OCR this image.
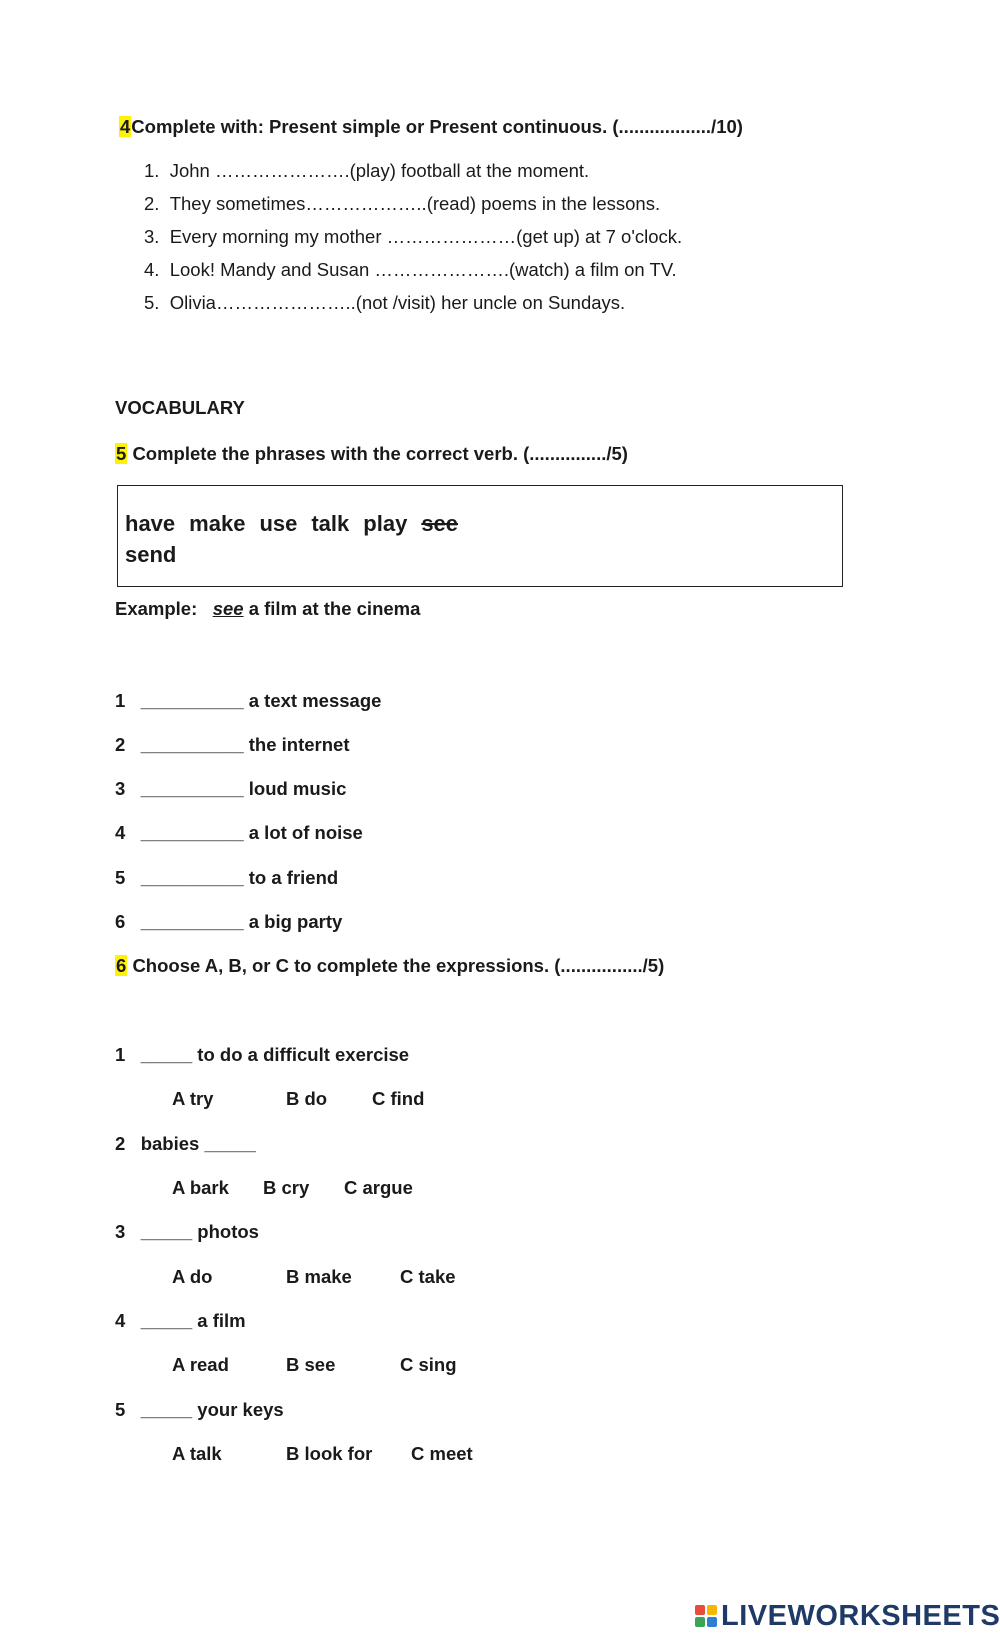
4Complete with: Present simple or Present continuous. (................../10)
1.  John ………………….(play) football at the moment.
2.  They sometimes………………..(read) poems in the lessons.
3.  Every morning my mother …………………(get up) at 7 o'clock.
4.  Look! Mandy and Susan ………………….(watch) a film on TV.
5.  Olivia…………………..(not /visit) her uncle on Sundays.
VOCABULARY
5 Complete the phrases with the correct verb. (.............../5)
have make use talk play see
send
Example: see a film at the cinema
1 __________ a text message
2 __________ the internet
3 __________ loud music
4 __________ a lot of noise
5 __________ to a friend
6 __________ a big party
6 Choose A, B, or C to complete the expressions. (................/5)
1 _____ to do a difficult exercise
A try	B do C find
2 babies _____
A bark B cry C argue
3 _____ photos
A do	B make	C take
4 _____ a film
A read	B see	C sing
5 _____ your keys
A talk	B look for C meet
LIVEWORKSHEETS
